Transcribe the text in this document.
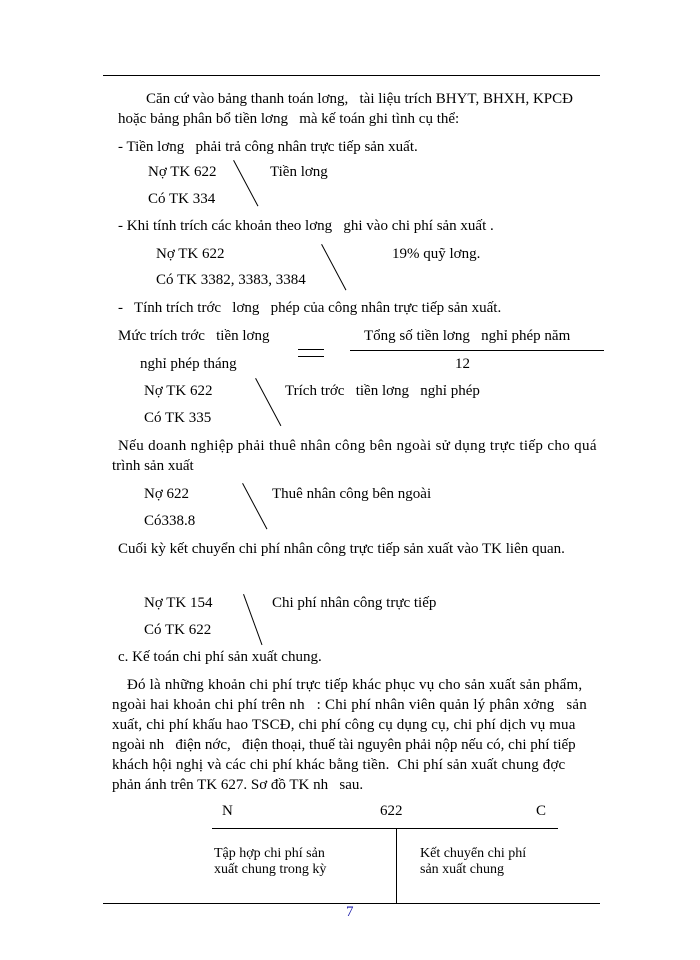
Căn cứ vào bảng thanh toán lơng,   tài liệu trích BHYT, BHXH, KPCĐ
hoặc bảng phân bổ tiền lơng   mà kế toán ghi tình cụ thể:
- Tiền lơng   phải trả công nhân trực tiếp sản xuất.
Nợ TK 622
Có TK 334
Tiền lơng
- Khi tính trích các khoản theo lơng   ghi vào chi phí sản xuất .
Nợ TK 622
Có TK 3382, 3383, 3384
19% quỹ lơng.
-   Tính trích trớc   lơng   phép của công nhân trực tiếp sản xuất.
Mức trích trớc   tiền lơng
nghỉ phép tháng
Tổng số tiền lơng   nghỉ phép năm
12
Nợ TK 622
Có TK 335
Trích trớc   tiền lơng   nghỉ phép
Nếu doanh nghiệp phải thuê nhân công bên ngoài sử dụng trực tiếp cho quá
trình sản xuất
Nợ 622
Có338.8
Thuê nhân công bên ngoài
Cuối kỳ kết chuyển chi phí nhân công trực tiếp sản xuất vào TK liên quan.
Nợ TK 154
Có TK 622
Chi phí nhân công trực tiếp
c. Kế toán chi phí sản xuất chung.
Đó là những khoản chi phí trực tiếp khác phục vụ cho sản xuất sản phẩm,
ngoài hai khoản chi phí trên nh   : Chi phí nhân viên quản lý phân xởng   sản
xuất, chi phí khấu hao TSCĐ, chi phí công cụ dụng cụ, chi phí dịch vụ mua
ngoài nh   điện nớc,   điện thoại, thuế tài nguyên phải nộp nếu có, chi phí tiếp
khách hội nghị và các chi phí khác bằng tiền.  Chi phí sản xuất chung đợc
phản ánh trên TK 627. Sơ đồ TK nh   sau.
N	622	C
Tập hợp chi phí sản
xuất chung trong kỳ
Kết chuyển chi phí
sản xuất chung
7
